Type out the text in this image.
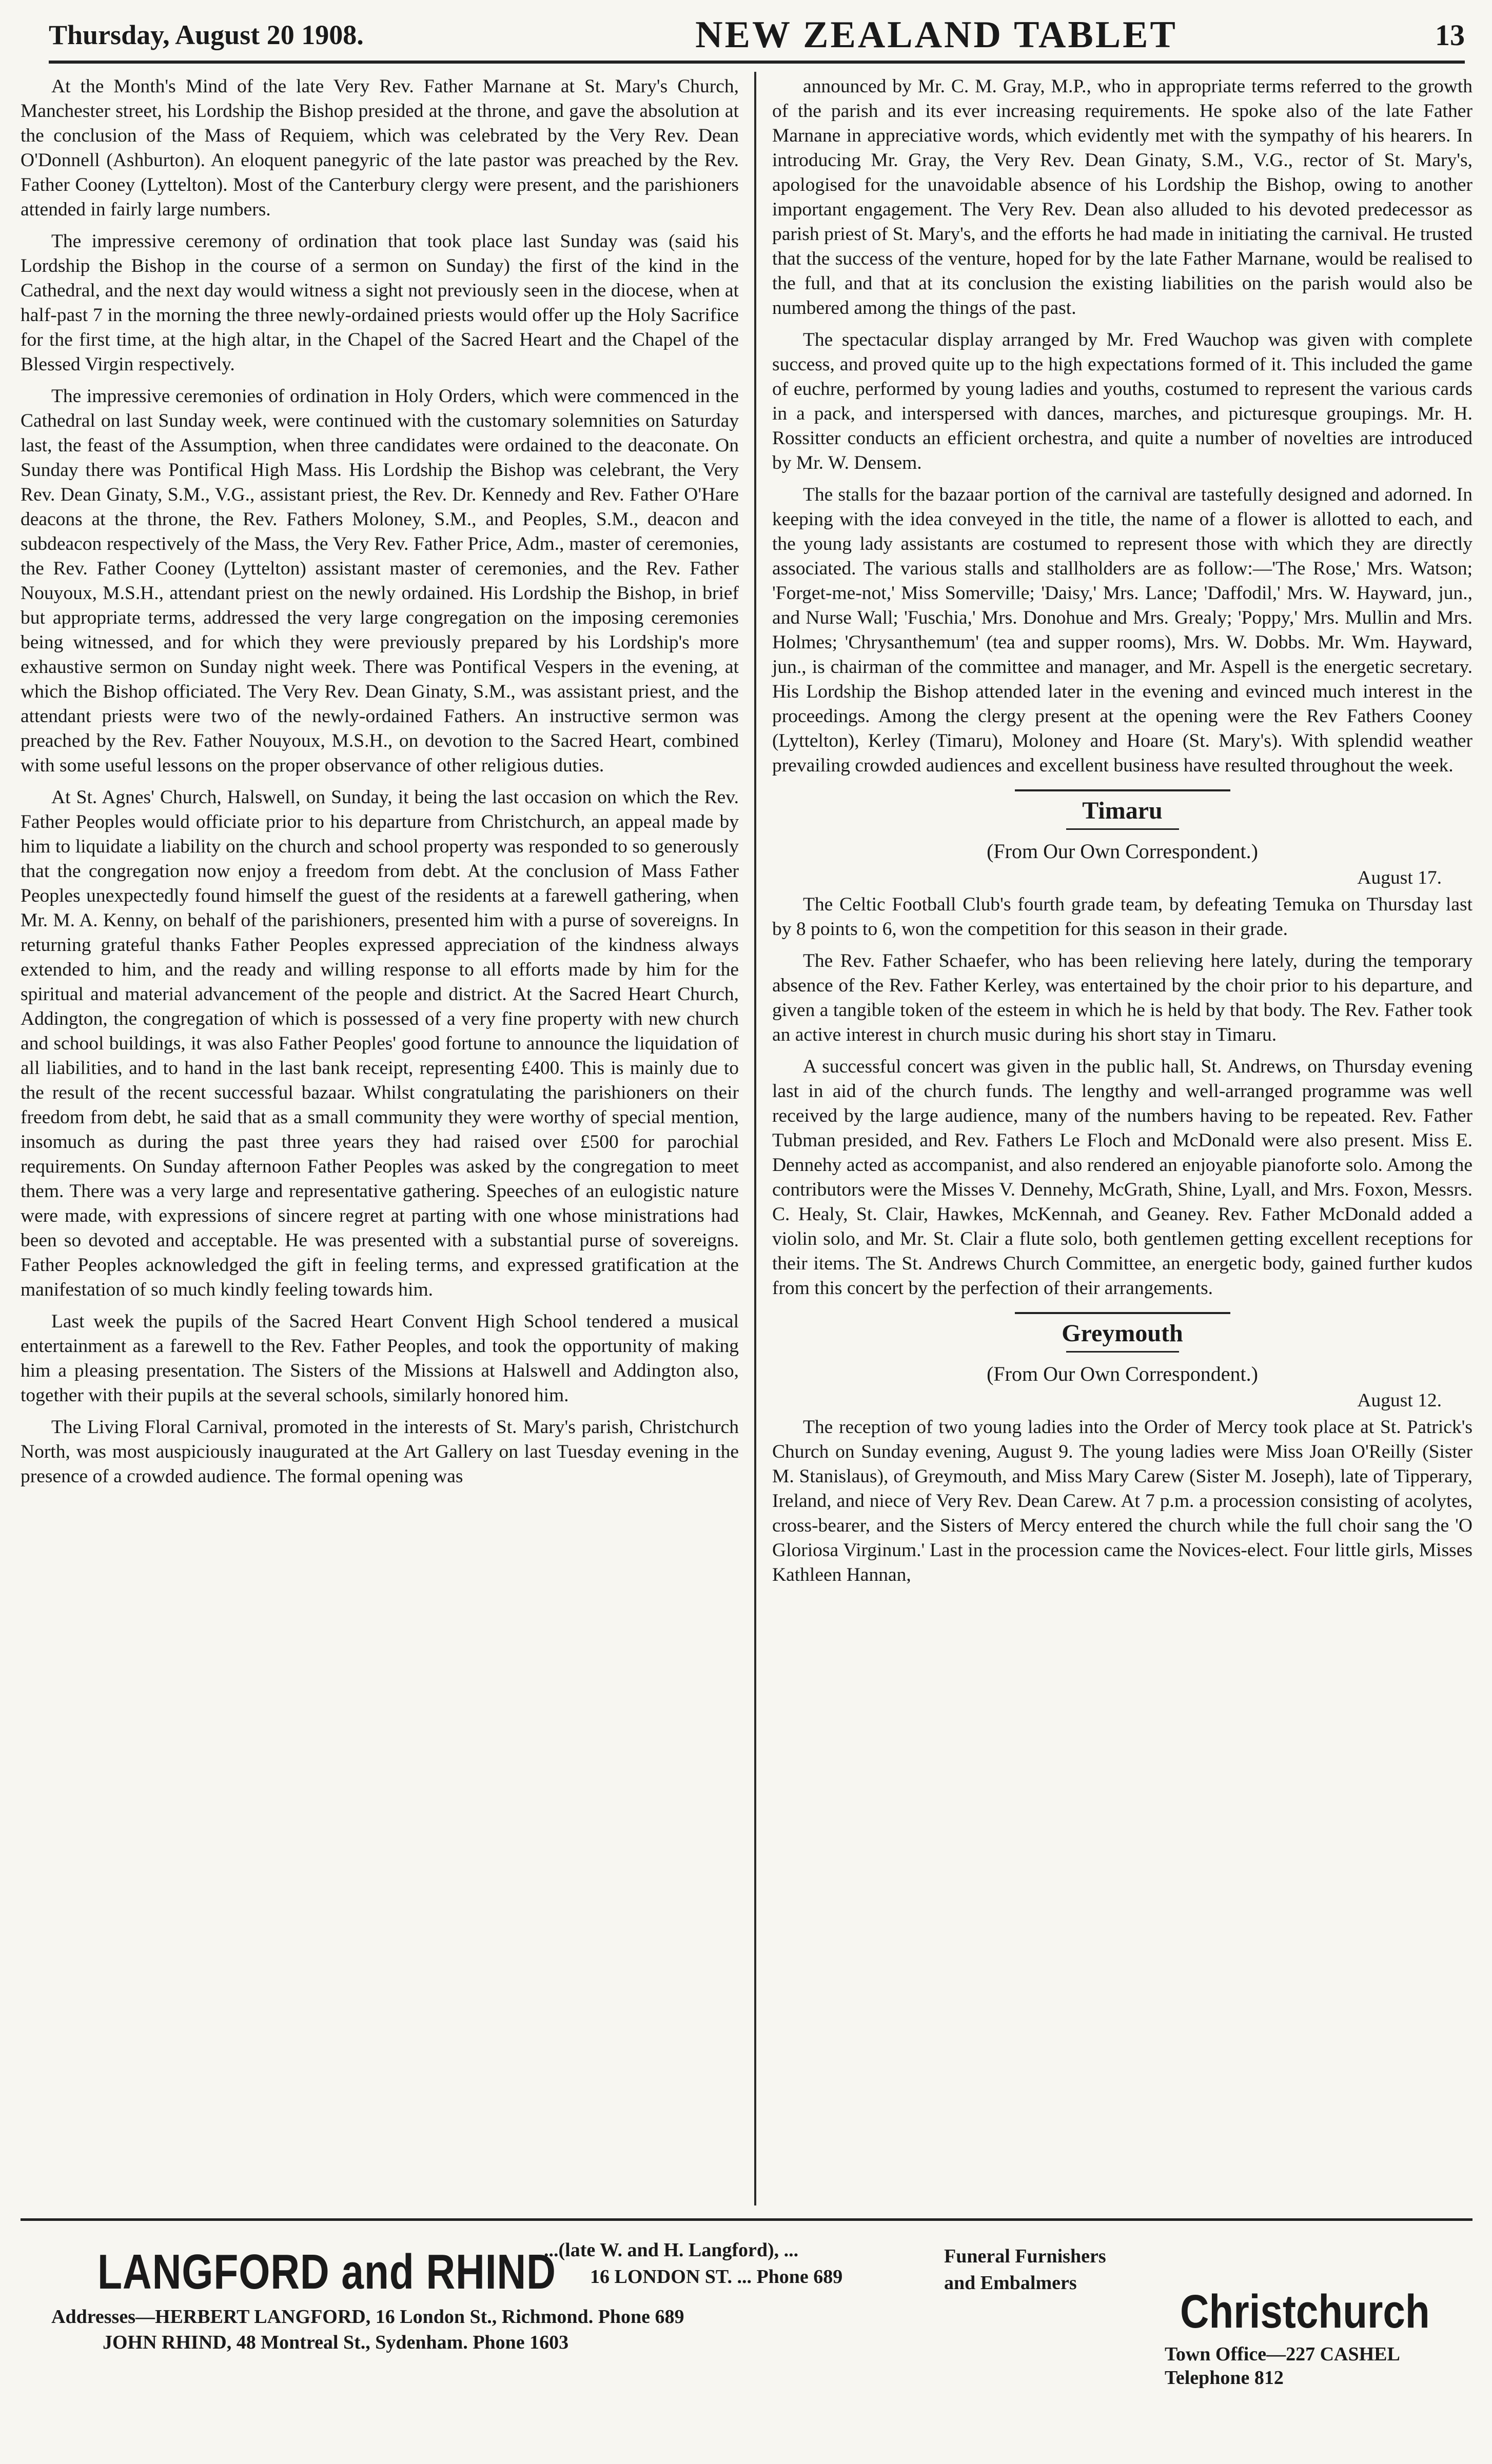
Thursday, August 20 1908.	NEW ZEALAND TABLET	13

At the Month's Mind of the late Very Rev. Father Marnane at St. Mary's Church, Manchester street, his Lordship the Bishop presided at the throne, and gave the absolution at the conclusion of the Mass of Requiem, which was celebrated by the Very Rev. Dean O'Donnell (Ashburton). An eloquent panegyric of the late pastor was preached by the Rev. Father Cooney (Lyttelton). Most of the Canterbury clergy were present, and the parishioners attended in fairly large numbers.

The impressive ceremony of ordination that took place last Sunday was (said his Lordship the Bishop in the course of a sermon on Sunday) the first of the kind in the Cathedral, and the next day would witness a sight not previously seen in the diocese, when at half-past 7 in the morning the three newly-ordained priests would offer up the Holy Sacrifice for the first time, at the high altar, in the Chapel of the Sacred Heart and the Chapel of the Blessed Virgin respectively.

The impressive ceremonies of ordination in Holy Orders, which were commenced in the Cathedral on last Sunday week, were continued with the customary solemnities on Saturday last, the feast of the Assumption, when three candidates were ordained to the deaconate. On Sunday there was Pontifical High Mass. His Lordship the Bishop was celebrant, the Very Rev. Dean Ginaty, S.M., V.G., assistant priest, the Rev. Dr. Kennedy and Rev. Father O'Hare deacons at the throne, the Rev. Fathers Moloney, S.M., and Peoples, S.M., deacon and subdeacon respectively of the Mass, the Very Rev. Father Price, Adm., master of ceremonies, the Rev. Father Cooney (Lyttelton) assistant master of ceremonies, and the Rev. Father Nouyoux, M.S.H., attendant priest on the newly ordained. His Lordship the Bishop, in brief but appropriate terms, addressed the very large congregation on the imposing ceremonies being witnessed, and for which they were previously prepared by his Lordship's more exhaustive sermon on Sunday night week. There was Pontifical Vespers in the evening, at which the Bishop officiated. The Very Rev. Dean Ginaty, S.M., was assistant priest, and the attendant priests were two of the newly-ordained Fathers. An instructive sermon was preached by the Rev. Father Nouyoux, M.S.H., on devotion to the Sacred Heart, combined with some useful lessons on the proper observance of other religious duties.

At St. Agnes' Church, Halswell, on Sunday, it being the last occasion on which the Rev. Father Peoples would officiate prior to his departure from Christchurch, an appeal made by him to liquidate a liability on the church and school property was responded to so generously that the congregation now enjoy a freedom from debt. At the conclusion of Mass Father Peoples unexpectedly found himself the guest of the residents at a farewell gathering, when Mr. M. A. Kenny, on behalf of the parishioners, presented him with a purse of sovereigns. In returning grateful thanks Father Peoples expressed appreciation of the kindness always extended to him, and the ready and willing response to all efforts made by him for the spiritual and material advancement of the people and district. At the Sacred Heart Church, Addington, the congregation of which is possessed of a very fine property with new church and school buildings, it was also Father Peoples' good fortune to announce the liquidation of all liabilities, and to hand in the last bank receipt, representing £400. This is mainly due to the result of the recent successful bazaar. Whilst congratulating the parishioners on their freedom from debt, he said that as a small community they were worthy of special mention, insomuch as during the past three years they had raised over £500 for parochial requirements. On Sunday afternoon Father Peoples was asked by the congregation to meet them. There was a very large and representative gathering. Speeches of an eulogistic nature were made, with expressions of sincere regret at parting with one whose ministrations had been so devoted and acceptable. He was presented with a substantial purse of sovereigns. Father Peoples acknowledged the gift in feeling terms, and expressed gratification at the manifestation of so much kindly feeling towards him.

Last week the pupils of the Sacred Heart Convent High School tendered a musical entertainment as a farewell to the Rev. Father Peoples, and took the opportunity of making him a pleasing presentation. The Sisters of the Missions at Halswell and Addington also, together with their pupils at the several schools, similarly honored him.

The Living Floral Carnival, promoted in the interests of St. Mary's parish, Christchurch North, was most auspiciously inaugurated at the Art Gallery on last Tuesday evening in the presence of a crowded audience. The formal opening was

announced by Mr. C. M. Gray, M.P., who in appropriate terms referred to the growth of the parish and its ever increasing requirements. He spoke also of the late Father Marnane in appreciative words, which evidently met with the sympathy of his hearers. In introducing Mr. Gray, the Very Rev. Dean Ginaty, S.M., V.G., rector of St. Mary's, apologised for the unavoidable absence of his Lordship the Bishop, owing to another important engagement. The Very Rev. Dean also alluded to his devoted predecessor as parish priest of St. Mary's, and the efforts he had made in initiating the carnival. He trusted that the success of the venture, hoped for by the late Father Marnane, would be realised to the full, and that at its conclusion the existing liabilities on the parish would also be numbered among the things of the past.

The spectacular display arranged by Mr. Fred Wauchop was given with complete success, and proved quite up to the high expectations formed of it. This included the game of euchre, performed by young ladies and youths, costumed to represent the various cards in a pack, and interspersed with dances, marches, and picturesque groupings. Mr. H. Rossitter conducts an efficient orchestra, and quite a number of novelties are introduced by Mr. W. Densem.

The stalls for the bazaar portion of the carnival are tastefully designed and adorned. In keeping with the idea conveyed in the title, the name of a flower is allotted to each, and the young lady assistants are costumed to represent those with which they are directly associated. The various stalls and stallholders are as follow:—'The Rose,' Mrs. Watson; 'Forget-me-not,' Miss Somerville; 'Daisy,' Mrs. Lance; 'Daffodil,' Mrs. W. Hayward, jun., and Nurse Wall; 'Fuschia,' Mrs. Donohue and Mrs. Grealy; 'Poppy,' Mrs. Mullin and Mrs. Holmes; 'Chrysanthemum' (tea and supper rooms), Mrs. W. Dobbs. Mr. Wm. Hayward, jun., is chairman of the committee and manager, and Mr. Aspell is the energetic secretary. His Lordship the Bishop attended later in the evening and evinced much interest in the proceedings. Among the clergy present at the opening were the Rev Fathers Cooney (Lyttelton), Kerley (Timaru), Moloney and Hoare (St. Mary's). With splendid weather prevailing crowded audiences and excellent business have resulted throughout the week.

Timaru
(From Our Own Correspondent.)

August 17.

The Celtic Football Club's fourth grade team, by defeating Temuka on Thursday last by 8 points to 6, won the competition for this season in their grade.

The Rev. Father Schaefer, who has been relieving here lately, during the temporary absence of the Rev. Father Kerley, was entertained by the choir prior to his departure, and given a tangible token of the esteem in which he is held by that body. The Rev. Father took an active interest in church music during his short stay in Timaru.

A successful concert was given in the public hall, St. Andrews, on Thursday evening last in aid of the church funds. The lengthy and well-arranged programme was well received by the large audience, many of the numbers having to be repeated. Rev. Father Tubman presided, and Rev. Fathers Le Floch and McDonald were also present. Miss E. Dennehy acted as accompanist, and also rendered an enjoyable pianoforte solo. Among the contributors were the Misses V. Dennehy, McGrath, Shine, Lyall, and Mrs. Foxon, Messrs. C. Healy, St. Clair, Hawkes, McKennah, and Geaney. Rev. Father McDonald added a violin solo, and Mr. St. Clair a flute solo, both gentlemen getting excellent receptions for their items. The St. Andrews Church Committee, an energetic body, gained further kudos from this concert by the perfection of their arrangements.

Greymouth
(From Our Own Correspondent.)

August 12.

The reception of two young ladies into the Order of Mercy took place at St. Patrick's Church on Sunday evening, August 9. The young ladies were Miss Joan O'Reilly (Sister M. Stanislaus), of Greymouth, and Miss Mary Carew (Sister M. Joseph), late of Tipperary, Ireland, and niece of Very Rev. Dean Carew. At 7 p.m. a procession consisting of acolytes, cross-bearer, and the Sisters of Mercy entered the church while the full choir sang the 'O Gloriosa Virginum.' Last in the procession came the Novices-elect. Four little girls, Misses Kathleen Hannan,

LANGFORD and RHIND
...(late W. and H. Langford), ...
16 LONDON ST. ... Phone 689
Funeral Furnishers
and Embalmers
Addresses—HERBERT LANGFORD, 16 London St., Richmond. Phone 689
JOHN RHIND, 48 Montreal St., Sydenham. Phone 1603
Christchurch
Town Office—227 CASHEL
Telephone 812
